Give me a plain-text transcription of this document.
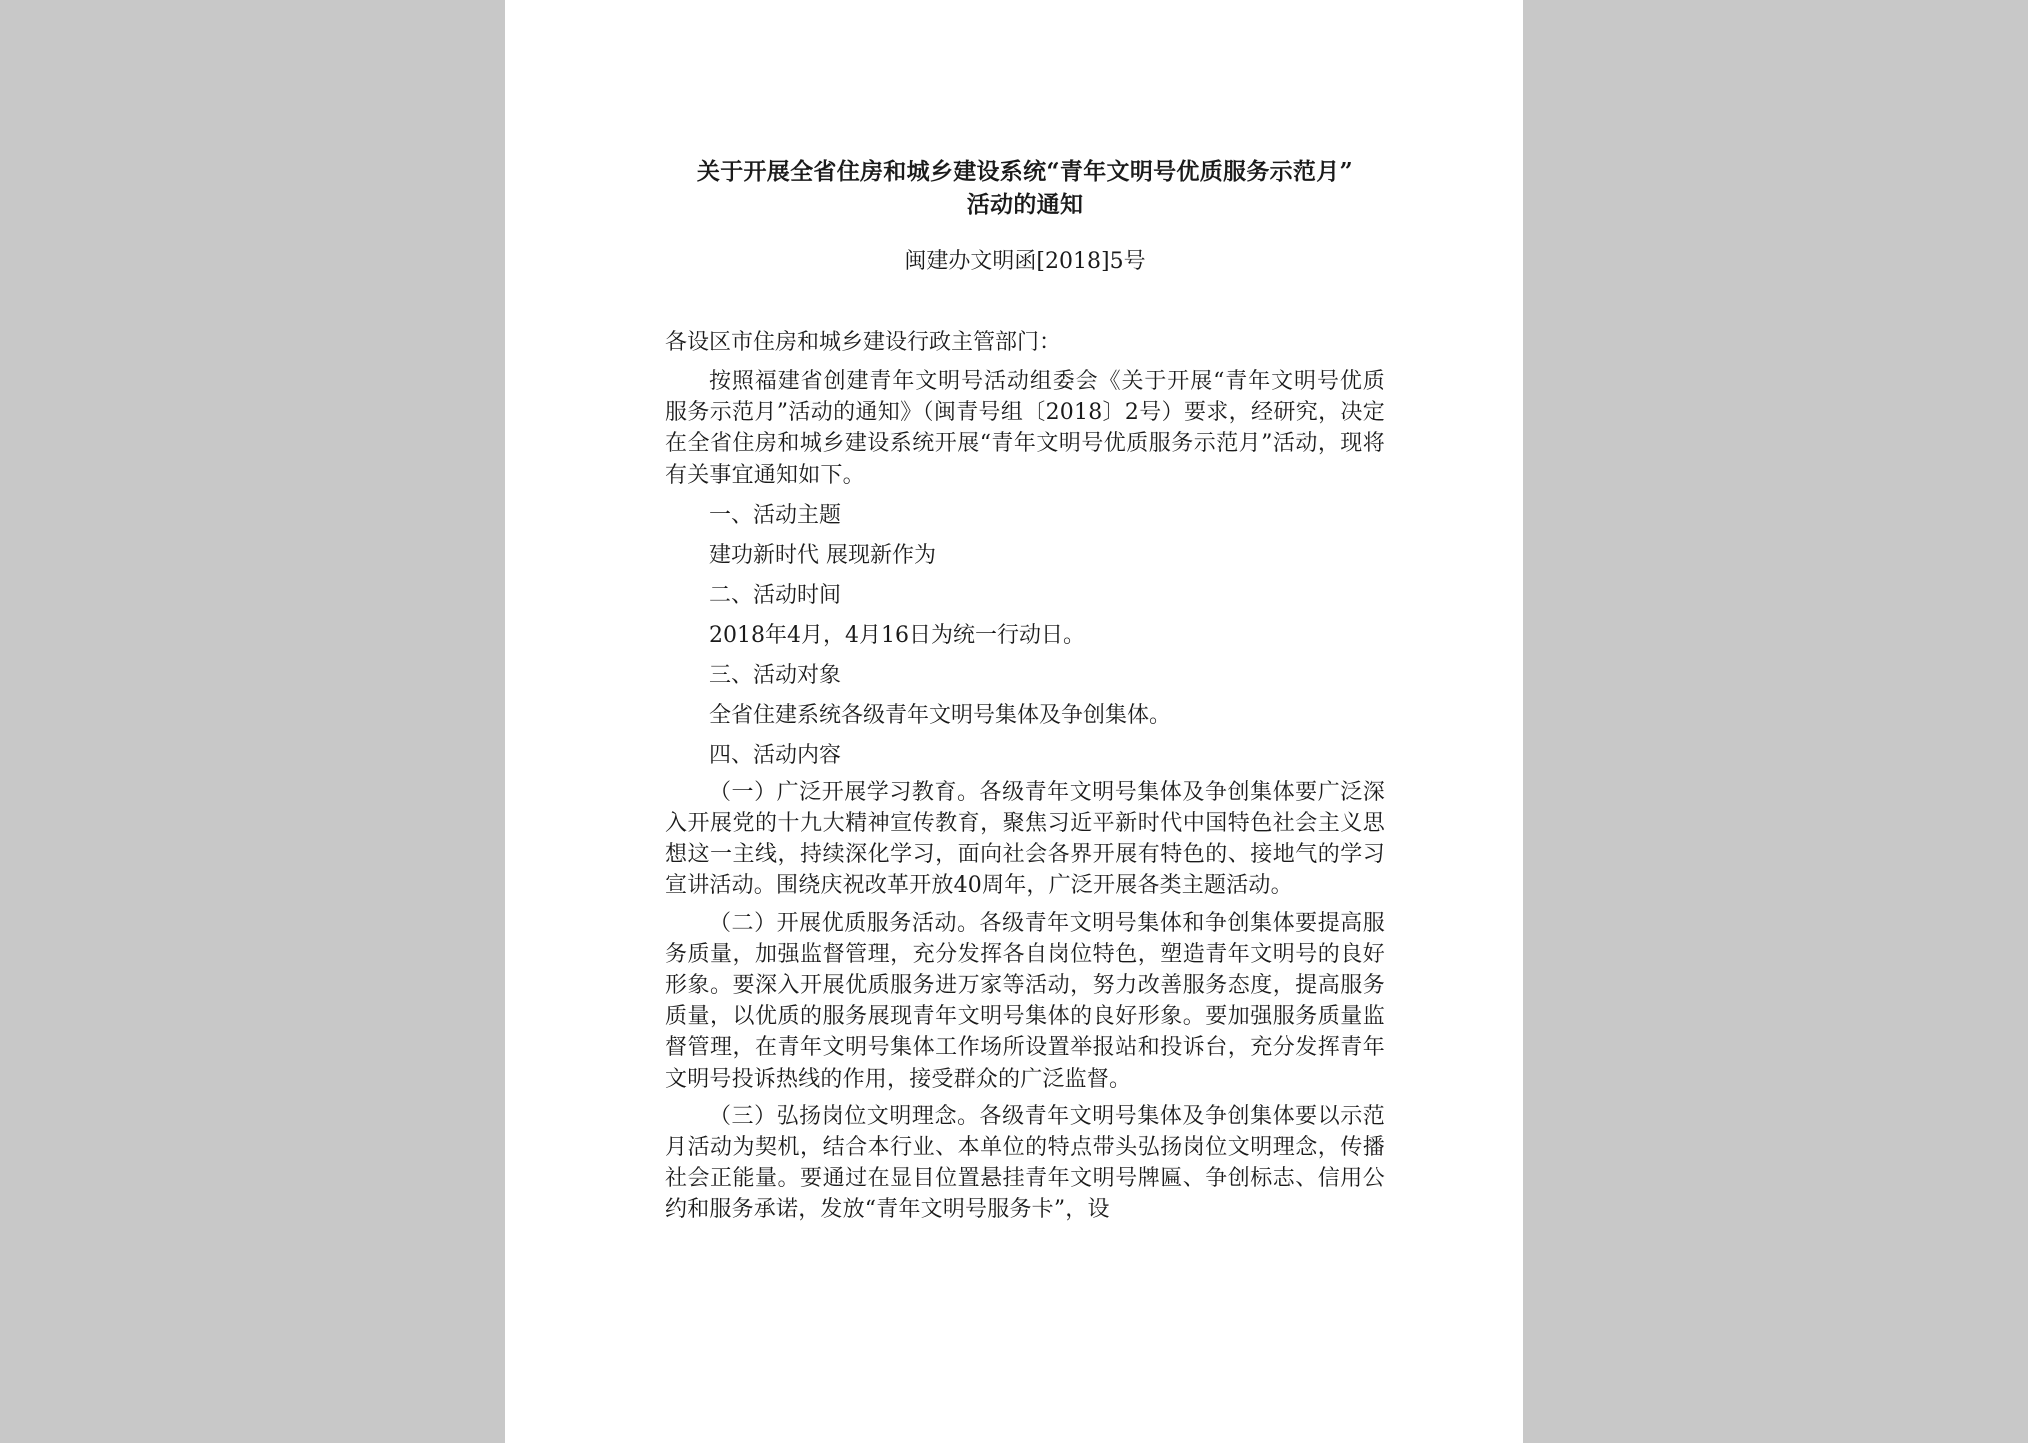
关于开展全省住房和城乡建设系统“青年文明号优质服务示范月”
活动的通知
闽建办文明函[2018]5号
各设区市住房和城乡建设行政主管部门：

按照福建省创建青年文明号活动组委会《关于开展“青年文明号优质服务示范月”活动的通知》（闽青号组〔2018〕2号）要求，经研究，决定在全省住房和城乡建设系统开展“青年文明号优质服务示范月”活动，现将有关事宜通知如下。

一、活动主题

建功新时代 展现新作为

二、活动时间

2018年4月，4月16日为统一行动日。

三、活动对象

全省住建系统各级青年文明号集体及争创集体。

四、活动内容

（一）广泛开展学习教育。各级青年文明号集体及争创集体要广泛深入开展党的十九大精神宣传教育，聚焦习近平新时代中国特色社会主义思想这一主线，持续深化学习，面向社会各界开展有特色的、接地气的学习宣讲活动。围绕庆祝改革开放40周年，广泛开展各类主题活动。

（二）开展优质服务活动。各级青年文明号集体和争创集体要提高服务质量，加强监督管理，充分发挥各自岗位特色，塑造青年文明号的良好形象。要深入开展优质服务进万家等活动，努力改善服务态度，提高服务质量，以优质的服务展现青年文明号集体的良好形象。要加强服务质量监督管理，在青年文明号集体工作场所设置举报站和投诉台，充分发挥青年文明号投诉热线的作用，接受群众的广泛监督。

（三）弘扬岗位文明理念。各级青年文明号集体及争创集体要以示范月活动为契机，结合本行业、本单位的特点带头弘扬岗位文明理念，传播社会正能量。要通过在显目位置悬挂青年文明号牌匾、争创标志、信用公约和服务承诺，发放“青年文明号服务卡”，设
